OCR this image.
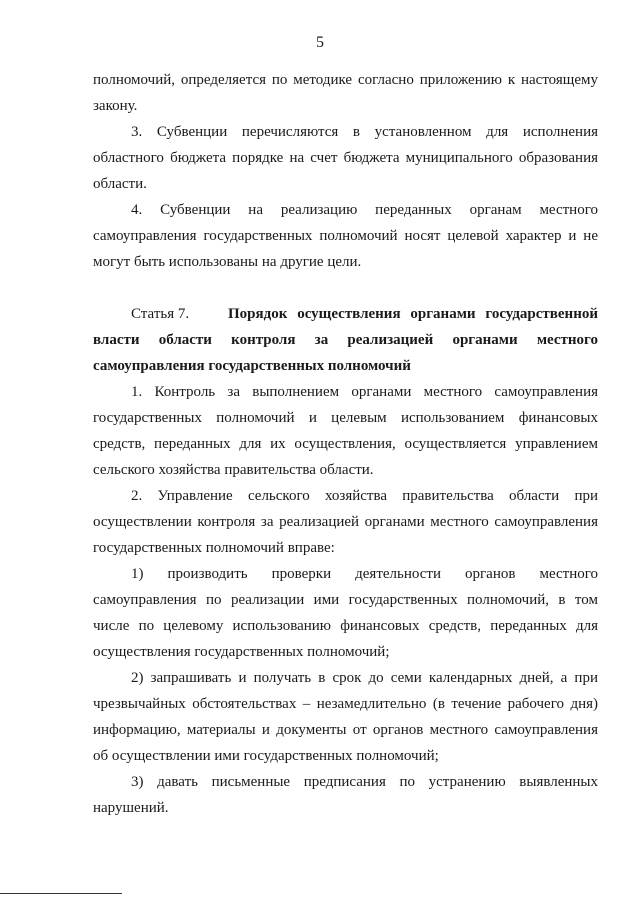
5
полномочий, определяется по методике согласно приложению к настоящему
закону.
3. Субвенции перечисляются в установленном для исполнения
областного бюджета порядке на счет бюджета муниципального образования
области.
4. Субвенции на реализацию переданных органам местного
самоуправления государственных полномочий носят целевой характер и не
могут быть использованы на другие цели.
Статья 7.	Порядок осуществления органами государственной
власти области контроля за реализацией органами местного
самоуправления государственных полномочий
1. Контроль за выполнением органами местного самоуправления
государственных полномочий и целевым использованием финансовых
средств, переданных для их осуществления, осуществляется управлением
сельского хозяйства правительства области.
2. Управление сельского хозяйства правительства области при
осуществлении контроля за реализацией органами местного самоуправления
государственных полномочий вправе:
1) производить проверки деятельности органов местного
самоуправления по реализации ими государственных полномочий, в том
числе по целевому использованию финансовых средств, переданных для
осуществления государственных полномочий;
2) запрашивать и получать в срок до семи календарных дней, а при
чрезвычайных обстоятельствах – незамедлительно (в течение рабочего дня)
информацию, материалы и документы от органов местного самоуправления
об осуществлении ими государственных полномочий;
3) давать письменные предписания по устранению выявленных
нарушений.
